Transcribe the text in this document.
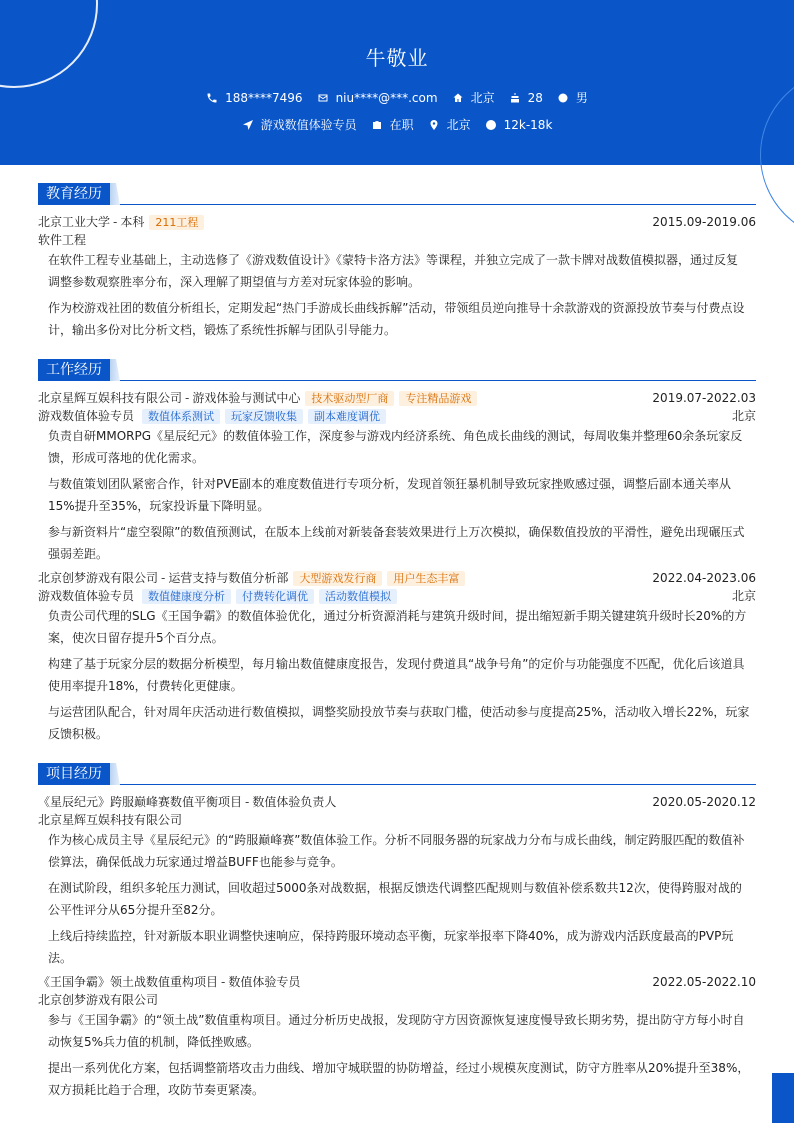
牛敬业
188****7496	niu****@***.com	北京	28	男
游戏数值体验专员	在职	北京	12k-18k
教育经历
北京工业大学 - 本科	211工程	2015.09-2019.06
软件工程
在软件工程专业基础上，主动选修了《游戏数值设计》《蒙特卡洛方法》等课程，并独立完成了一款卡牌对战数值模拟器，通过反复
调整参数观察胜率分布，深入理解了期望值与方差对玩家体验的影响。
作为校游戏社团的数值分析组长，定期发起“热门手游成长曲线拆解”活动，带领组员逆向推导十余款游戏的资源投放节奏与付费点设
计，输出多份对比分析文档，锻炼了系统性拆解与团队引导能力。
工作经历
北京星辉互娱科技有限公司 - 游戏体验与测试中心	技术驱动型厂商	专注精品游戏	2019.07-2022.03
游戏数值体验专员	数值体系测试	玩家反馈收集	副本难度调优	北京
负责自研MMORPG《星辰纪元》的数值体验工作，深度参与游戏内经济系统、角色成长曲线的测试，每周收集并整理60余条玩家反
馈，形成可落地的优化需求。
与数值策划团队紧密合作，针对PVE副本的难度数值进行专项分析，发现首领狂暴机制导致玩家挫败感过强，调整后副本通关率从
15%提升至35%，玩家投诉量下降明显。
参与新资料片“虚空裂隙”的数值预测试，在版本上线前对新装备套装效果进行上万次模拟，确保数值投放的平滑性，避免出现碾压式
强弱差距。
北京创梦游戏有限公司 - 运营支持与数值分析部	大型游戏发行商	用户生态丰富	2022.04-2023.06
游戏数值体验专员	数值健康度分析	付费转化调优	活动数值模拟	北京
负责公司代理的SLG《王国争霸》的数值体验优化，通过分析资源消耗与建筑升级时间，提出缩短新手期关键建筑升级时长20%的方
案，使次日留存提升5个百分点。
构建了基于玩家分层的数据分析模型，每月输出数值健康度报告，发现付费道具“战争号角”的定价与功能强度不匹配，优化后该道具
使用率提升18%，付费转化更健康。
与运营团队配合，针对周年庆活动进行数值模拟，调整奖励投放节奏与获取门槛，使活动参与度提高25%，活动收入增长22%，玩家
反馈积极。
项目经历
《星辰纪元》跨服巅峰赛数值平衡项目 - 数值体验负责人	2020.05-2020.12
北京星辉互娱科技有限公司
作为核心成员主导《星辰纪元》的“跨服巅峰赛”数值体验工作。分析不同服务器的玩家战力分布与成长曲线，制定跨服匹配的数值补
偿算法，确保低战力玩家通过增益BUFF也能参与竞争。
在测试阶段，组织多轮压力测试，回收超过5000条对战数据，根据反馈迭代调整匹配规则与数值补偿系数共12次，使得跨服对战的
公平性评分从65分提升至82分。
上线后持续监控，针对新版本职业调整快速响应，保持跨服环境动态平衡，玩家举报率下降40%，成为游戏内活跃度最高的PVP玩
法。
《王国争霸》领土战数值重构项目 - 数值体验专员	2022.05-2022.10
北京创梦游戏有限公司
参与《王国争霸》的“领土战”数值重构项目。通过分析历史战报，发现防守方因资源恢复速度慢导致长期劣势，提出防守方每小时自
动恢复5%兵力值的机制，降低挫败感。
提出一系列优化方案，包括调整箭塔攻击力曲线、增加守城联盟的协防增益，经过小规模灰度测试，防守方胜率从20%提升至38%，
双方损耗比趋于合理，攻防节奏更紧凑。
